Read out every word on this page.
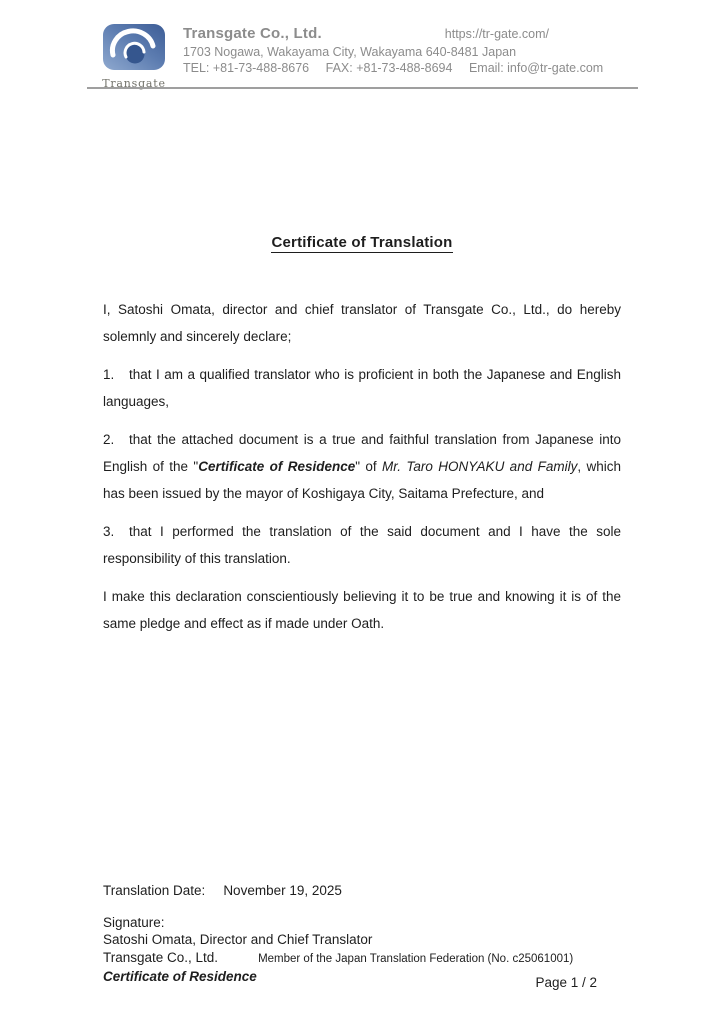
Transgate
Transgate Co., Ltd.	https://tr-gate.com/
1703 Nogawa, Wakayama City, Wakayama 640-8481 Japan
TEL: +81-73-488-8676 FAX: +81-73-488-8694 Email: info@tr-gate.com
Certificate of Translation

I, Satoshi Omata, director and chief translator of Transgate Co., Ltd., do hereby solemnly and sincerely declare;

1. that I am a qualified translator who is proficient in both the Japanese and English languages,

2. that the attached document is a true and faithful translation from Japanese into English of the "Certificate of Residence" of Mr. Taro HONYAKU and Family, which has been issued by the mayor of Koshigaya City, Saitama Prefecture, and

3. that I performed the translation of the said document and I have the sole responsibility of this translation.

I make this declaration conscientiously believing it to be true and knowing it is of the same pledge and effect as if made under Oath.

Translation Date: November 19, 2025
Signature:
Satoshi Omata, Director and Chief Translator
Transgate Co., Ltd.	Member of the Japan Translation Federation (No. c25061001)
Certificate of Residence	Page 1 / 2
